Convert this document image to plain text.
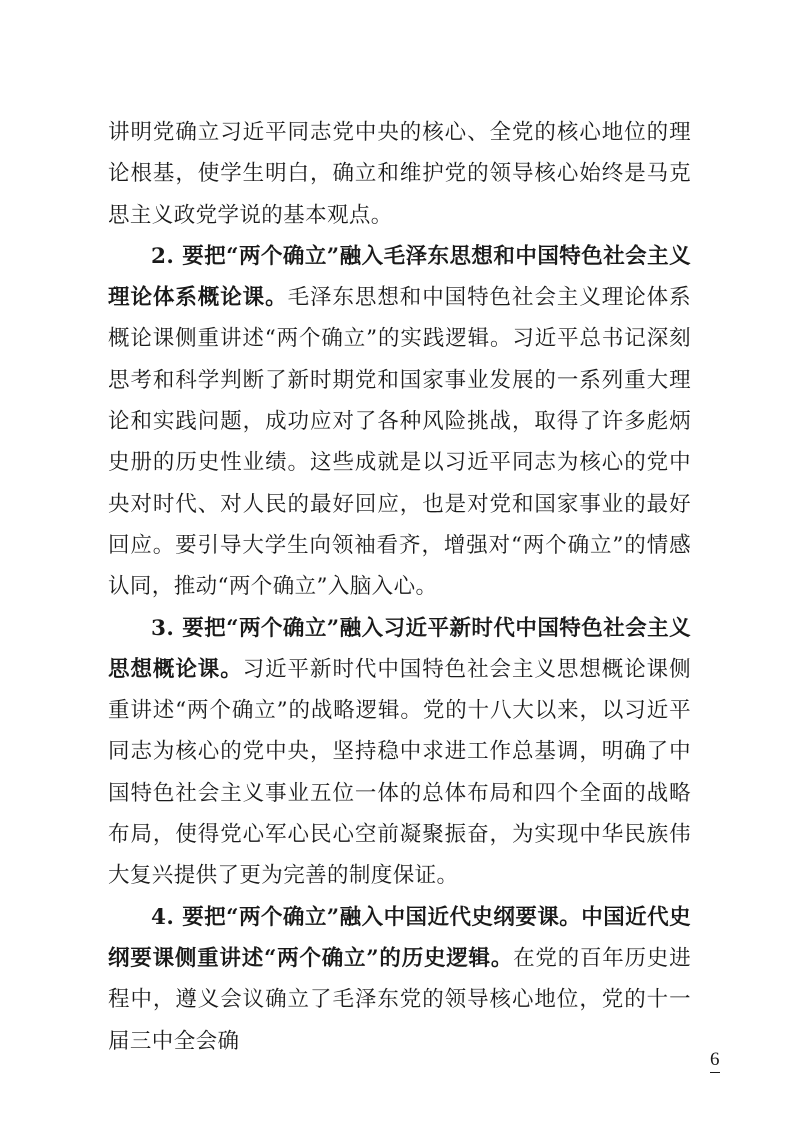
讲明党确立习近平同志党中央的核心、全党的核心地位的理论根基，使学生明白，确立和维护党的领导核心始终是马克思主义政党学说的基本观点。

2. 要把“两个确立”融入毛泽东思想和中国特色社会主义理论体系概论课。毛泽东思想和中国特色社会主义理论体系概论课侧重讲述“两个确立”的实践逻辑。习近平总书记深刻思考和科学判断了新时期党和国家事业发展的一系列重大理论和实践问题，成功应对了各种风险挑战，取得了许多彪炳史册的历史性业绩。这些成就是以习近平同志为核心的党中央对时代、对人民的最好回应，也是对党和国家事业的最好回应。要引导大学生向领袖看齐，增强对“两个确立”的情感认同，推动“两个确立”入脑入心。

3. 要把“两个确立”融入习近平新时代中国特色社会主义思想概论课。习近平新时代中国特色社会主义思想概论课侧重讲述“两个确立”的战略逻辑。党的十八大以来，以习近平同志为核心的党中央，坚持稳中求进工作总基调，明确了中国特色社会主义事业五位一体的总体布局和四个全面的战略布局，使得党心军心民心空前凝聚振奋，为实现中华民族伟大复兴提供了更为完善的制度保证。

4. 要把“两个确立”融入中国近代史纲要课。中国近代史纲要课侧重讲述“两个确立”的历史逻辑。在党的百年历史进程中，遵义会议确立了毛泽东党的领导核心地位，党的十一届三中全会确

6
